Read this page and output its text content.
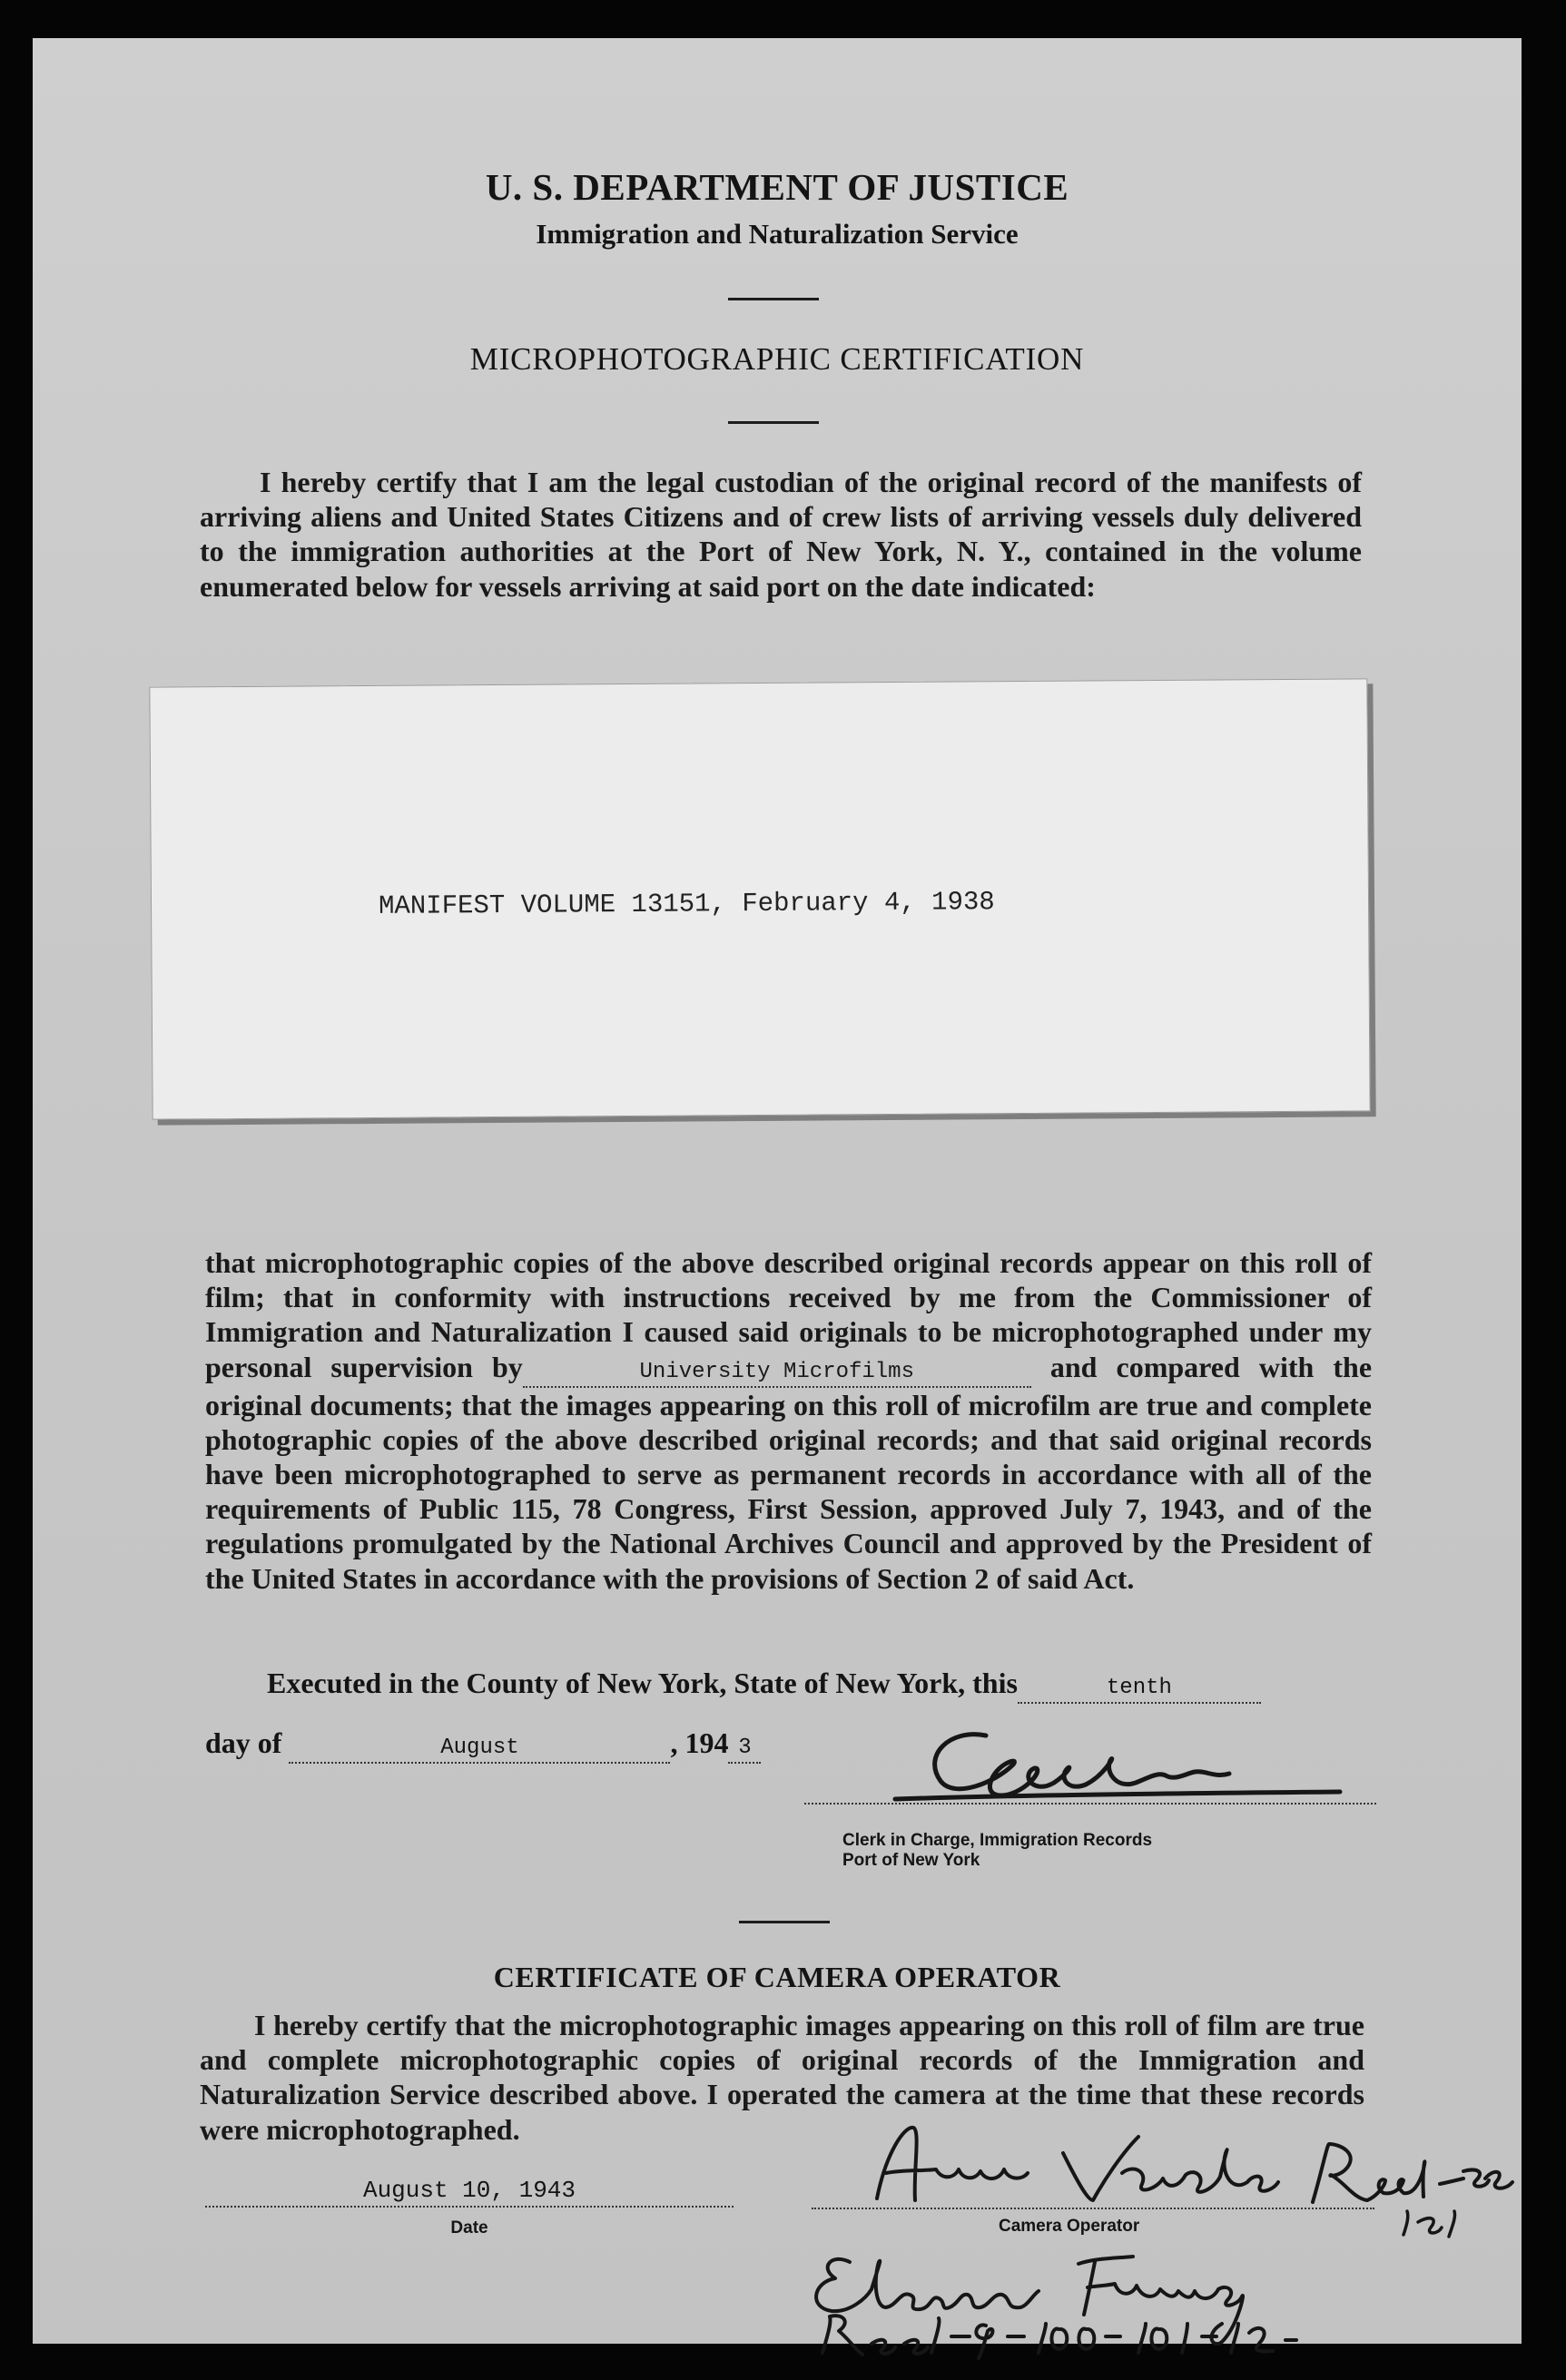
U. S. DEPARTMENT OF JUSTICE
Immigration and Naturalization Service
MICROPHOTOGRAPHIC CERTIFICATION
I hereby certify that I am the legal custodian of the original record of the manifests of arriving aliens and United States Citizens and of crew lists of arriving vessels duly delivered to the immigration authorities at the Port of New York, N. Y., contained in the volume enumerated below for vessels arriving at said port on the date indicated:
MANIFEST VOLUME 13151, February 4, 1938
that microphotographic copies of the above described original records appear on this roll of film; that in conformity with instructions received by me from the Commissioner of Immigration and Naturalization I caused said originals to be microphotographed under my personal supervision by	University Microfilms	and compared with the original documents; that the images appearing on this roll of microfilm are true and complete photographic copies of the above described original records; and that said original records have been microphotographed to serve as permanent records in accordance with all of the requirements of Public 115, 78 Congress, First Session, approved July 7, 1943, and of the regulations promulgated by the National Archives Council and approved by the President of the United States in accordance with the provisions of Section 2 of said Act.
Executed in the County of New York, State of New York, this	tenth
day of	August	, 194 3
Clerk in Charge, Immigration Records
Port of New York
CERTIFICATE OF CAMERA OPERATOR
I hereby certify that the microphotographic images appearing on this roll of film are true and complete microphotographic copies of original records of the Immigration and Naturalization Service described above. I operated the camera at the time that these records were microphotographed.
August 10, 1943
Date	Camera Operator
